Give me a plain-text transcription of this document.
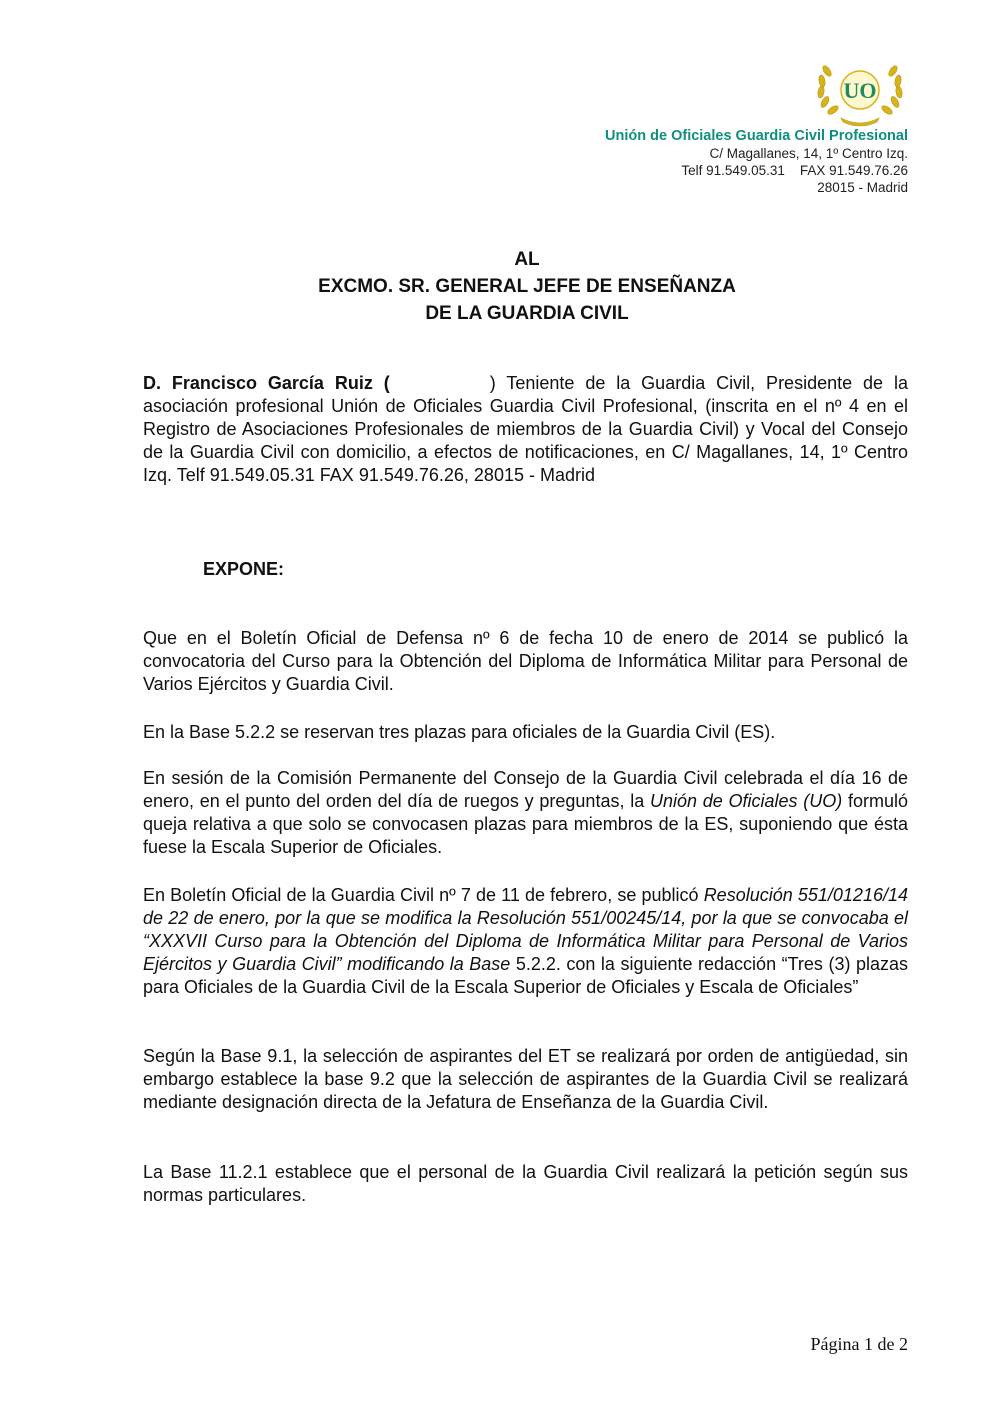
UO
Unión de Oficiales Guardia Civil Profesional
C/ Magallanes, 14, 1º Centro Izq.
Telf 91.549.05.31    FAX 91.549.76.26
28015 - Madrid
AL
EXCMO. SR. GENERAL JEFE DE ENSEÑANZA
DE LA GUARDIA CIVIL

D. Francisco García Ruiz (	) Teniente de la Guardia Civil, Presidente de la asociación profesional Unión de Oficiales Guardia Civil Profesional, (inscrita en el nº 4 en el Registro de Asociaciones Profesionales de miembros de la Guardia Civil) y Vocal del Consejo de la Guardia Civil con domicilio, a efectos de notificaciones, en C/ Magallanes, 14, 1º Centro Izq. Telf 91.549.05.31 FAX 91.549.76.26, 28015 - Madrid

EXPONE:

Que en el Boletín Oficial de Defensa nº 6 de fecha 10 de enero de 2014 se publicó la convocatoria del Curso para la Obtención del Diploma de Informática Militar para Personal de Varios Ejércitos y Guardia Civil.

En la Base 5.2.2 se reservan tres plazas para oficiales de la Guardia Civil (ES).

En sesión de la Comisión Permanente del Consejo de la Guardia Civil celebrada el día 16 de enero, en el punto del orden del día de ruegos y preguntas, la Unión de Oficiales (UO) formuló queja relativa a que solo se convocasen plazas para miembros de la ES, suponiendo que ésta fuese la Escala Superior de Oficiales.

En Boletín Oficial de la Guardia Civil nº 7 de 11 de febrero, se publicó Resolución 551/01216/14 de 22 de enero, por la que se modifica la Resolución 551/00245/14, por la que se convocaba el “XXXVII Curso para la Obtención del Diploma de Informática Militar para Personal de Varios Ejércitos y Guardia Civil” modificando la Base 5.2.2. con la siguiente redacción “Tres (3) plazas para Oficiales de la Guardia Civil de la Escala Superior de Oficiales y Escala de Oficiales”

Según la Base 9.1, la selección de aspirantes del ET se realizará por orden de antigüedad, sin embargo establece la base 9.2 que la selección de aspirantes de la Guardia Civil se realizará mediante designación directa de la Jefatura de Enseñanza de la Guardia Civil.

La Base 11.2.1 establece que el personal de la Guardia Civil realizará la petición según sus normas particulares.

Página 1 de 2
